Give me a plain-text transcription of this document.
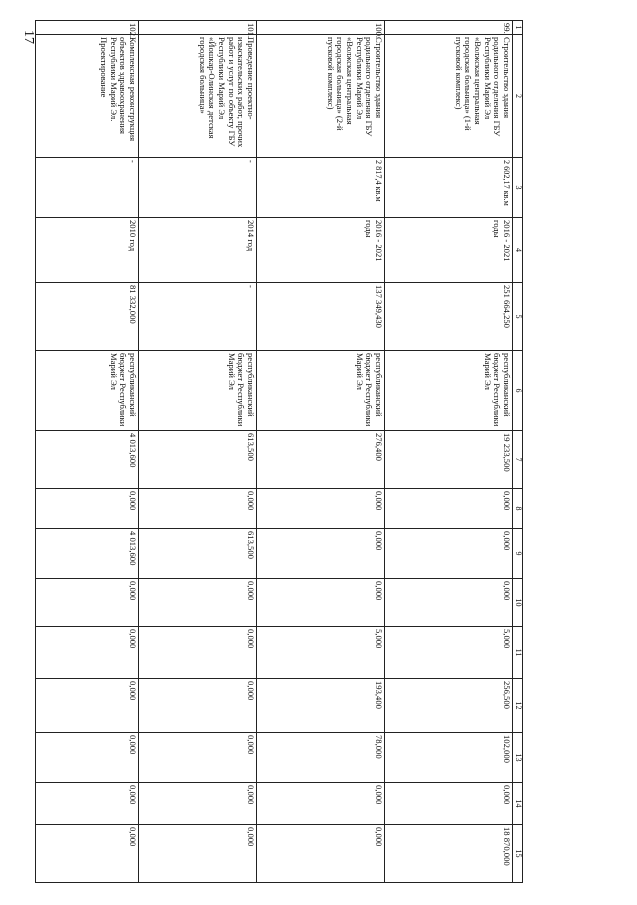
17
1	2	3	4	5	6	7	8	9	10	11	12	13	14	15
99.	Строительство здания родильного отделения ГБУ Республики Марий Эл «Волжская центральная городская больница» (1-й пусковой комплекс)	2 602,17 кв.м	2016 - 2021 годы	251 664,250	республиканский бюджет Республики Марий Эл	19 233,500	0,000	0,000	0,000	5,000	256,500	102,000	0,000	18 870,000
100.	Строительство здания родильного отделения ГБУ Республики Марий Эл «Волжская центральная городская больница» (2-й пусковой комплекс)	2 817,4 кв.м	2016 - 2021 годы	137 349,430	республиканский бюджет Республики Марий Эл	276,400	0,000	0,000	0,000	5,000	193,400	78,000	0,000	0,000
101.	Проведение проектно-изыскательских работ, прочих работ и услуг по объекту ГБУ Республики Марий Эл «Йошкар-Олинская детская городская больница»	-	2014 год	-	республиканский бюджет Республики Марий Эл	613,500	0,000	613,500	0,000	0,000	0,000	0,000	0,000	0,000
102.	Комплексная реконструкция объектов здравоохранения Республики Марий Эл. Проектирование	-	2010 год	81 332,000	республиканский бюджет Республики Марий Эл	4 013,600	0,000	4 013,600	0,000	0,000	0,000	0,000	0,000	0,000
